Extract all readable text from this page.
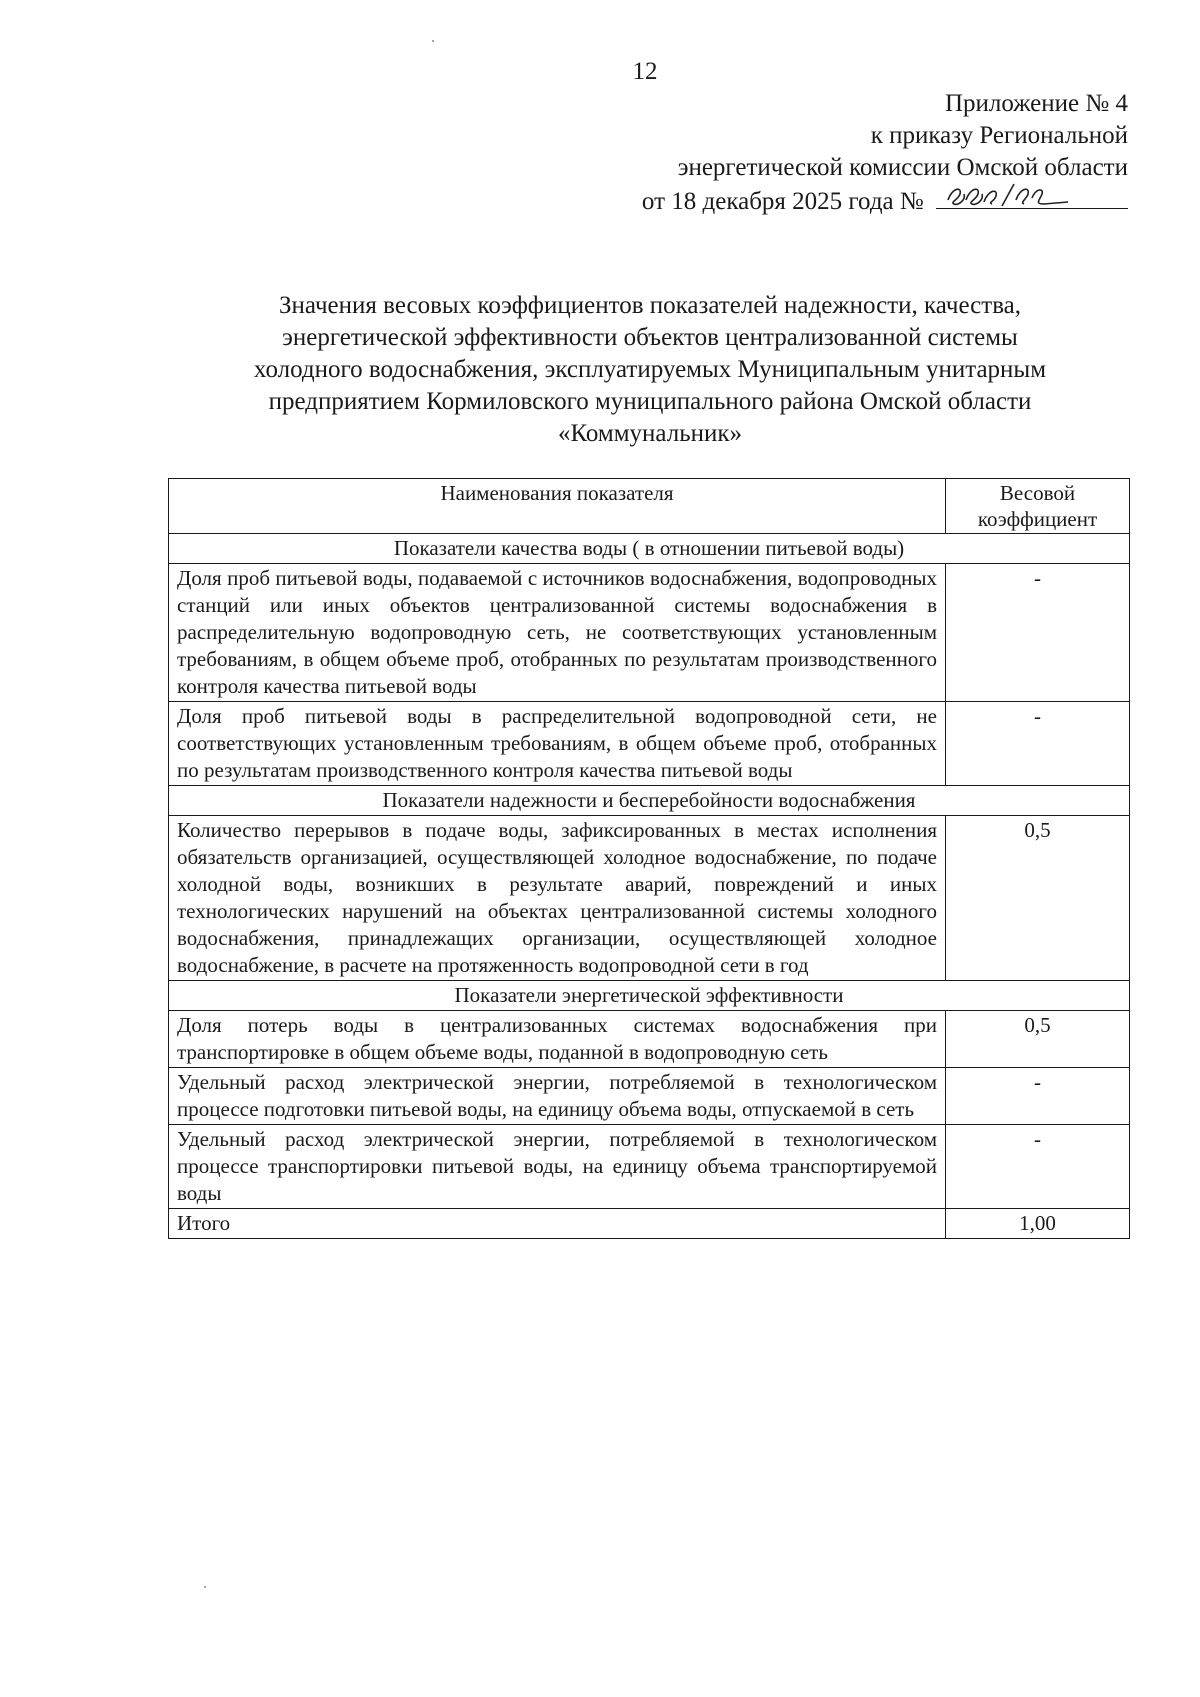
12
Приложение № 4
к приказу Региональной
энергетической комиссии Омской области
от 18 декабря 2025 года №
Значения весовых коэффициентов показателей надежности, качества,
энергетической эффективности объектов централизованной системы
холодного водоснабжения, эксплуатируемых Муниципальным унитарным
предприятием Кормиловского муниципального района Омской области
«Коммунальник»
Наименования показателя	Весовой коэффициент
Показатели качества воды ( в отношении питьевой воды)	
Доля проб питьевой воды, подаваемой с источников водоснабжения, водопроводных станций или иных объектов централизованной системы водоснабжения в распределительную водопроводную сеть, не соответствующих установленным требованиям, в общем объеме проб, отобранных по результатам производственного контроля качества питьевой воды	-
Доля проб питьевой воды в распределительной водопроводной сети, не соответствующих установленным требованиям, в общем объеме проб, отобранных по результатам производственного контроля качества питьевой воды	-
Показатели надежности и бесперебойности водоснабжения	
Количество перерывов в подаче воды, зафиксированных в местах исполнения обязательств организацией, осуществляющей холодное водоснабжение, по подаче холодной воды, возникших в результате аварий, повреждений и иных технологических нарушений на объектах централизованной системы холодного водоснабжения, принадлежащих организации, осуществляющей холодное водоснабжение, в расчете на протяженность водопроводной сети в год	0,5
Показатели энергетической эффективности	
Доля потерь воды в централизованных системах водоснабжения при транспортировке в общем объеме воды, поданной в водопроводную сеть	0,5
Удельный расход электрической энергии, потребляемой в технологическом процессе подготовки питьевой воды, на единицу объема воды, отпускаемой в сеть	-
Удельный расход электрической энергии, потребляемой в технологическом процессе транспортировки питьевой воды, на единицу объема транспортируемой воды	-
Итого	1,00
